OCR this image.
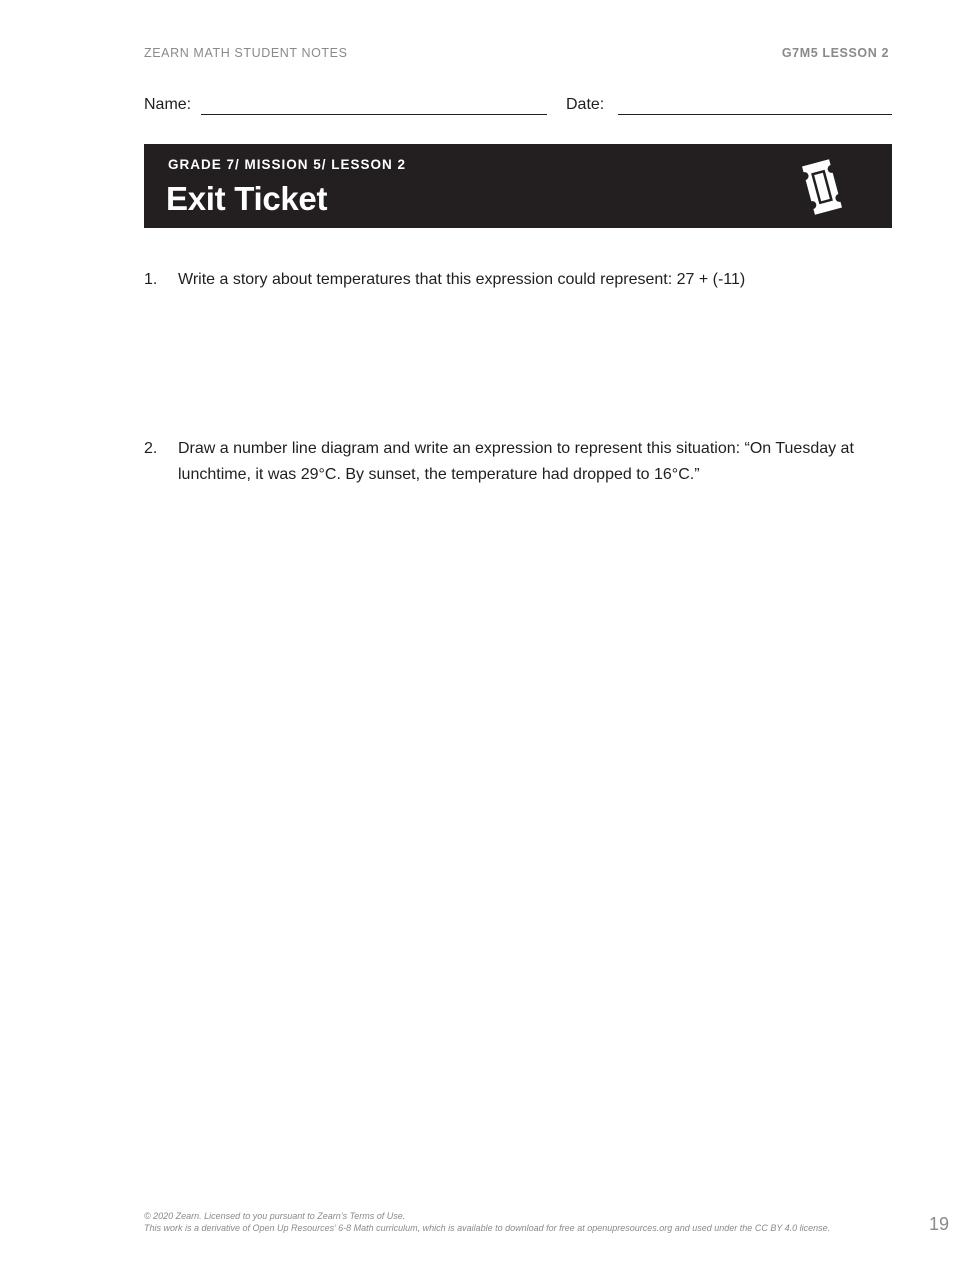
ZEARN MATH STUDENT NOTES	G7M5 LESSON 2
Name:	Date:
GRADE 7/ MISSION 5/ LESSON 2
Exit Ticket
1. Write a story about temperatures that this expression could represent: 27 + (-11)
2. Draw a number line diagram and write an expression to represent this situation: “On Tuesday at lunchtime, it was 29°C. By sunset, the temperature had dropped to 16°C.”
© 2020 Zearn. Licensed to you pursuant to Zearn’s Terms of Use.
This work is a derivative of Open Up Resources’ 6-8 Math curriculum, which is available to download for free at openupresources.org and used under the CC BY 4.0 license.	19
